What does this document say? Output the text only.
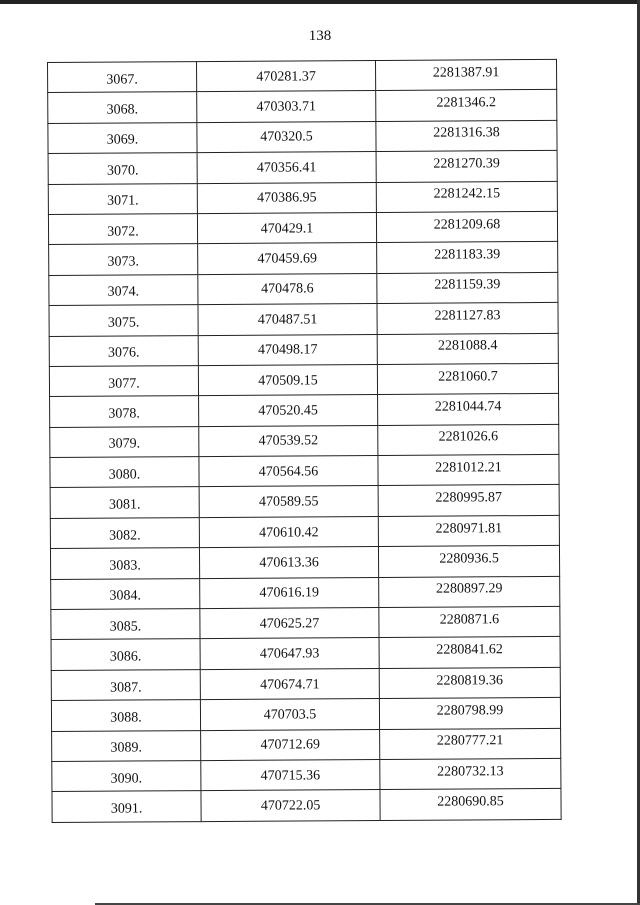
138
3067.	470281.37	2281387.91
3068.	470303.71	2281346.2
3069.	470320.5	2281316.38
3070.	470356.41	2281270.39
3071.	470386.95	2281242.15
3072.	470429.1	2281209.68
3073.	470459.69	2281183.39
3074.	470478.6	2281159.39
3075.	470487.51	2281127.83
3076.	470498.17	2281088.4
3077.	470509.15	2281060.7
3078.	470520.45	2281044.74
3079.	470539.52	2281026.6
3080.	470564.56	2281012.21
3081.	470589.55	2280995.87
3082.	470610.42	2280971.81
3083.	470613.36	2280936.5
3084.	470616.19	2280897.29
3085.	470625.27	2280871.6
3086.	470647.93	2280841.62
3087.	470674.71	2280819.36
3088.	470703.5	2280798.99
3089.	470712.69	2280777.21
3090.	470715.36	2280732.13
3091.	470722.05	2280690.85
